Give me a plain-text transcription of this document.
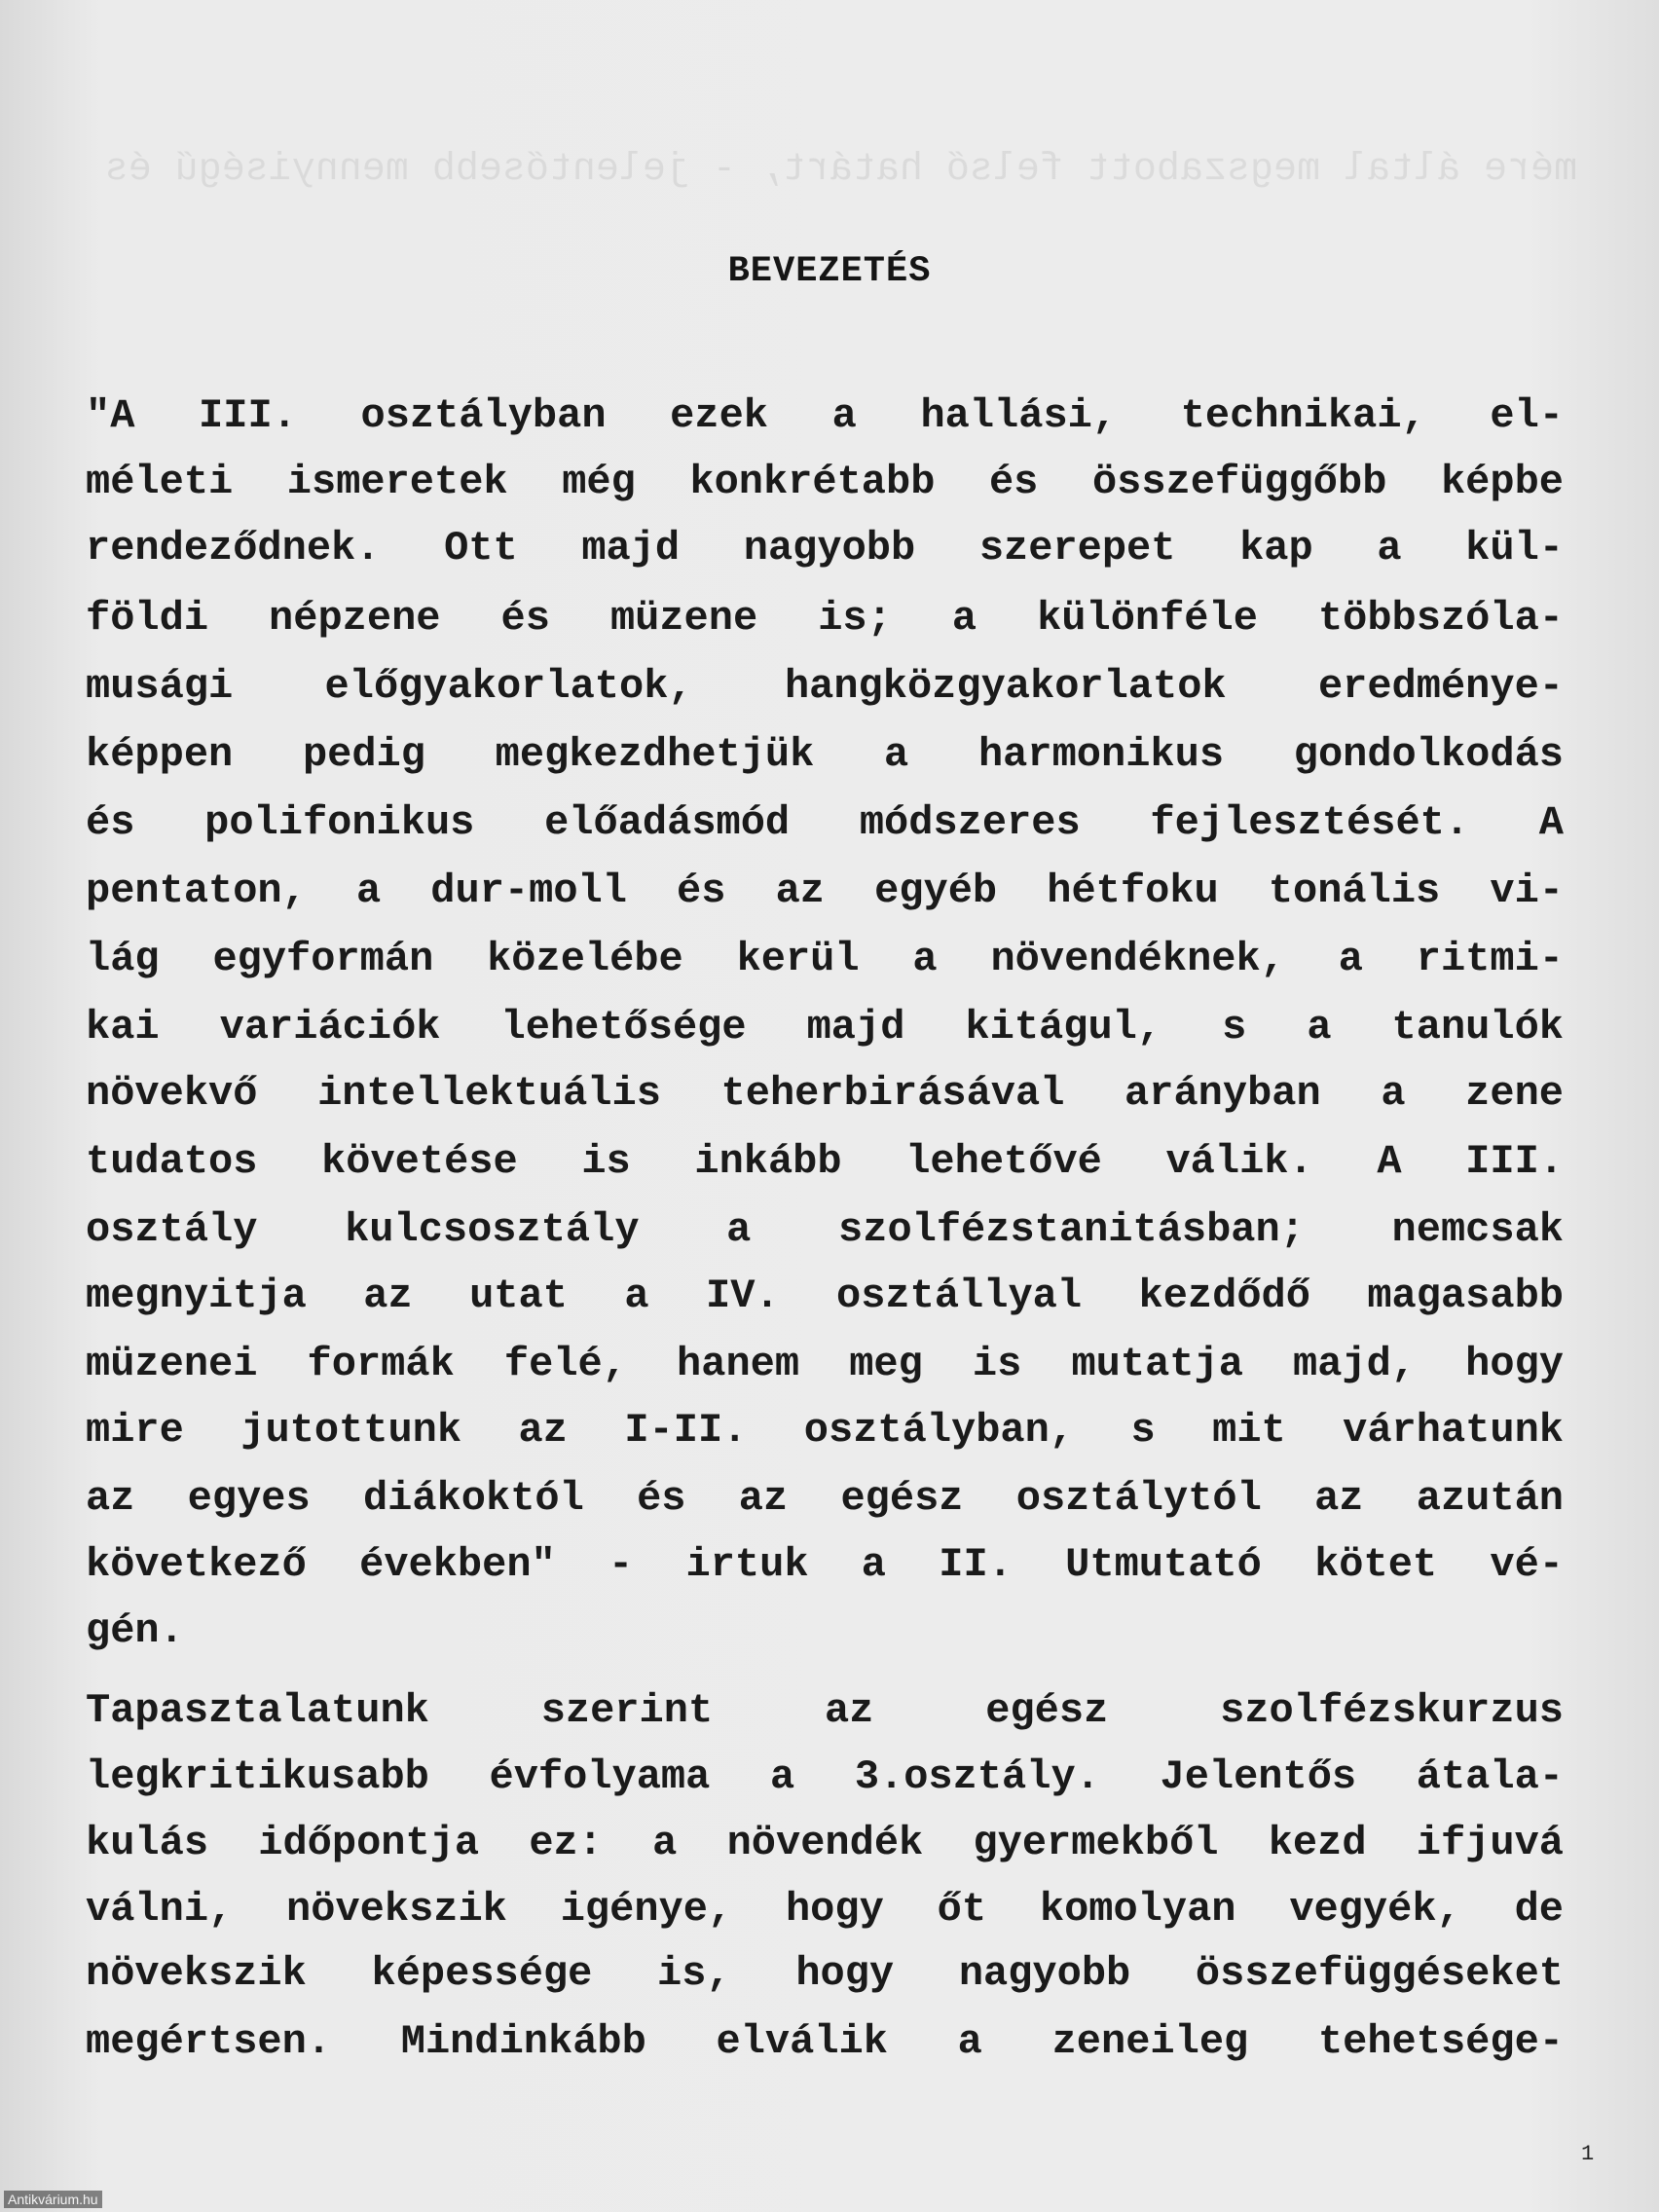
mére által megszabott felső határt, - jelentősebb mennyiségű és

BEVEZETÉS
"A III. osztályban ezek a hallási, technikai, el-
méleti ismeretek még konkrétabb és összefüggőbb képbe
rendeződnek. Ott majd nagyobb szerepet kap a kül-
földi népzene és müzene is; a különféle többszóla-
musági előgyakorlatok, hangközgyakorlatok eredménye-
képpen pedig megkezdhetjük a harmonikus gondolkodás
és polifonikus előadásmód módszeres fejlesztését. A
pentaton, a dur-moll és az egyéb hétfoku tonális vi-
lág egyformán közelébe kerül a növendéknek, a ritmi-
kai variációk lehetősége majd kitágul, s a tanulók
növekvő intellektuális teherbirásával arányban a zene
tudatos követése is inkább lehetővé válik. A III.
osztály kulcsosztály a szolfézstanitásban; nemcsak
megnyitja az utat a IV. osztállyal kezdődő magasabb
müzenei formák felé, hanem meg is mutatja majd, hogy
mire jutottunk az I-II. osztályban, s mit várhatunk
az egyes diákoktól és az egész osztálytól az azután
következő években" - irtuk a II. Utmutató kötet vé-
gén.
Tapasztalatunk szerint az egész szolfézskurzus
legkritikusabb évfolyama a 3.osztály. Jelentős átala-
kulás időpontja ez: a növendék gyermekből kezd ifjuvá
válni, növekszik igénye, hogy őt komolyan vegyék, de
növekszik képessége is, hogy nagyobb összefüggéseket
megértsen. Mindinkább elválik a zeneileg tehetsége-
1
Antikvárium.hu
